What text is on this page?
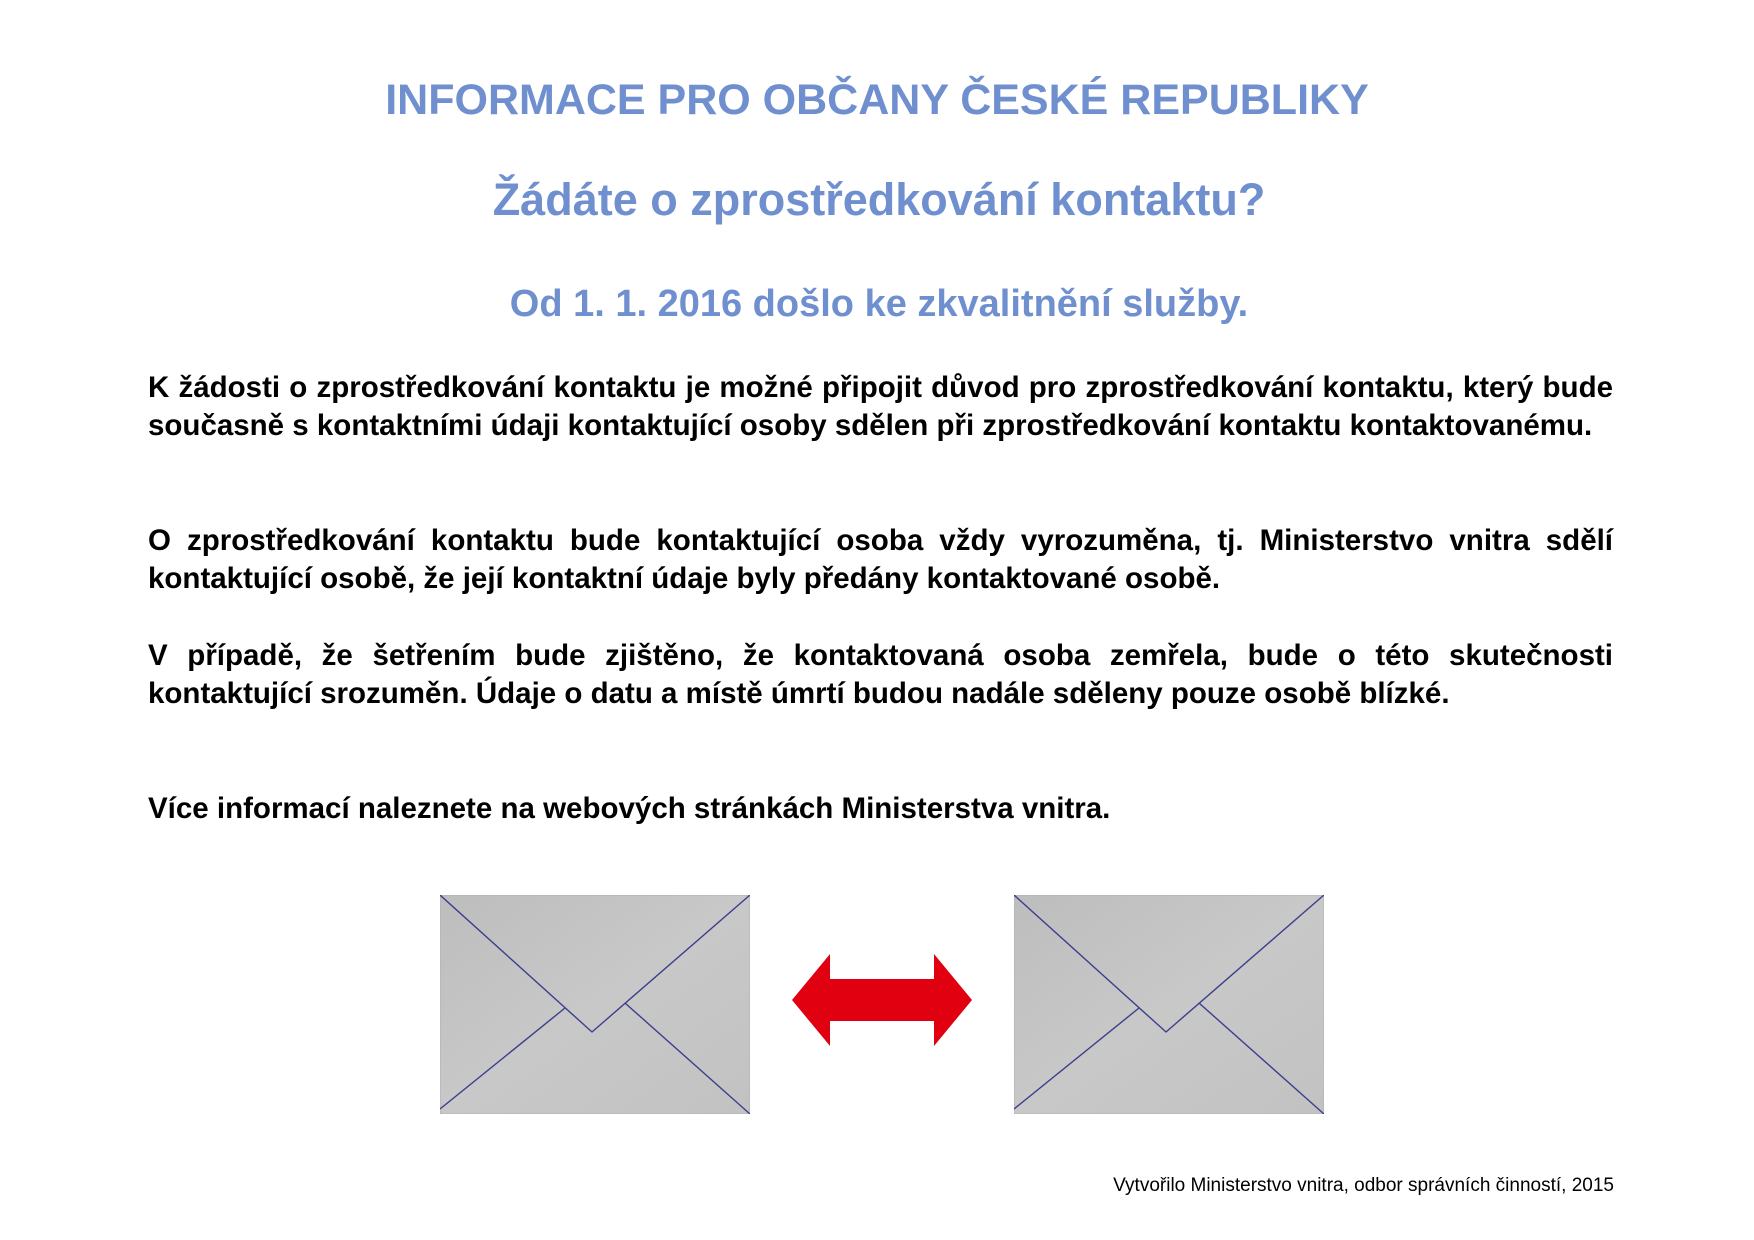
INFORMACE PRO OBČANY ČESKÉ REPUBLIKY
Žádáte o zprostředkování kontaktu?
Od 1. 1. 2016 došlo ke zkvalitnění služby.

K žádosti o zprostředkování kontaktu je možné připojit důvod pro zprostředkování kontaktu, který bude současně s kontaktními údaji kontaktující osoby sdělen při zprostředkování kontaktu kontaktovanému.

O zprostředkování kontaktu bude kontaktující osoba vždy vyrozuměna, tj. Ministerstvo vnitra sdělí kontaktující osobě, že její kontaktní údaje byly předány kontaktované osobě.

V případě, že šetřením bude zjištěno, že kontaktovaná osoba zemřela, bude o této skutečnosti kontaktující srozuměn. Údaje o datu a místě úmrtí budou nadále sděleny pouze osobě blízké.

Více informací naleznete na webových stránkách Ministerstva vnitra.

Vytvořilo Ministerstvo vnitra, odbor správních činností, 2015
